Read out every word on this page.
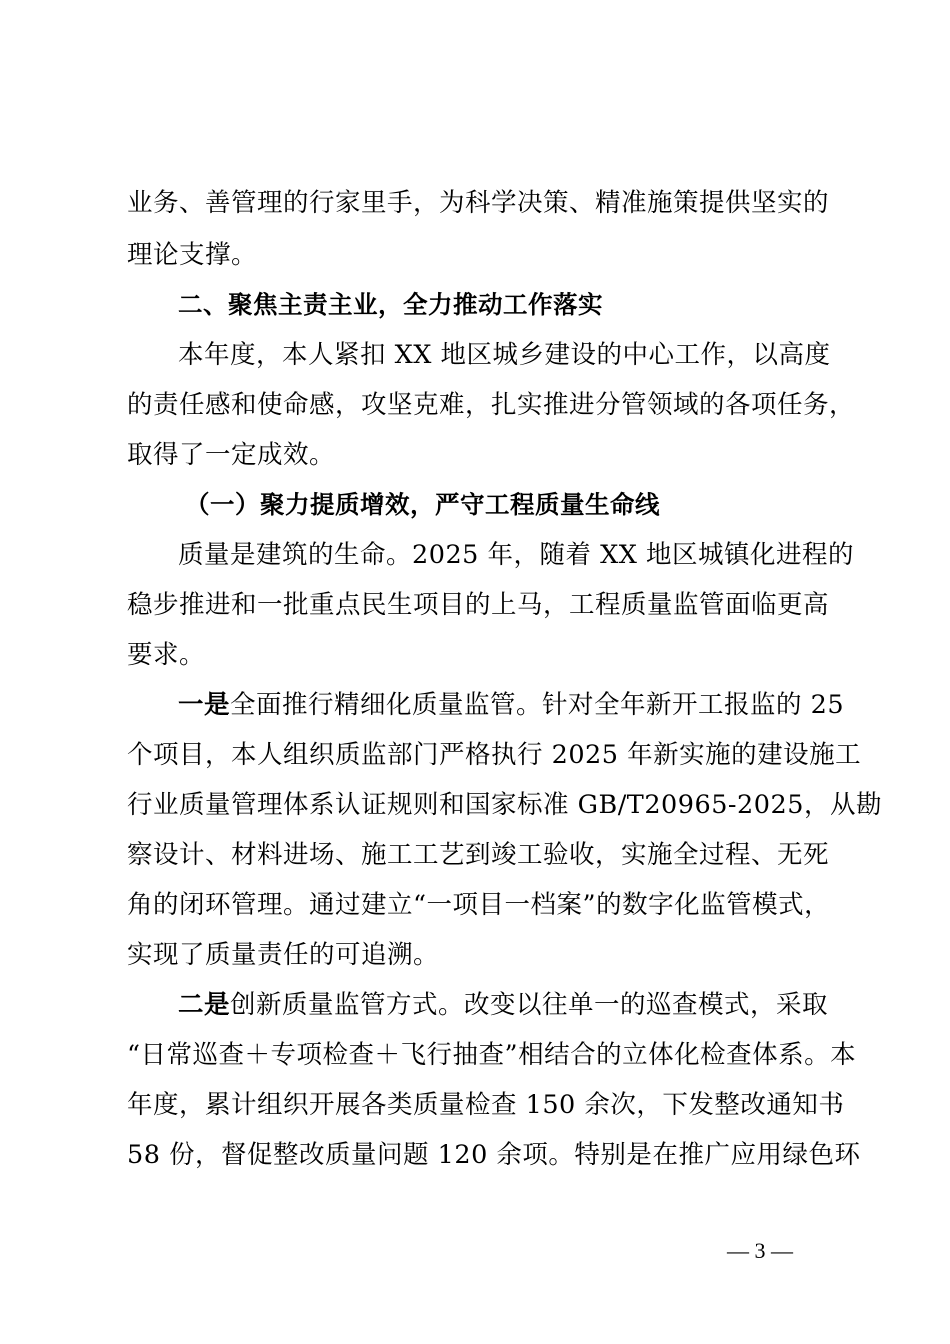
业务、善管理的行家里手，为科学决策、精准施策提供坚实的
理论支撑。
二、聚焦主责主业，全力推动工作落实
本年度，本人紧扣 XX 地区城乡建设的中心工作，以高度
的责任感和使命感，攻坚克难，扎实推进分管领域的各项任务，
取得了一定成效。
（一）聚力提质增效，严守工程质量生命线
质量是建筑的生命。2025 年，随着 XX 地区城镇化进程的
稳步推进和一批重点民生项目的上马，工程质量监管面临更高
要求。
一是全面推行精细化质量监管。针对全年新开工报监的 25
个项目，本人组织质监部门严格执行 2025 年新实施的建设施工
行业质量管理体系认证规则和国家标准 GB/T20965-2025，从勘
察设计、材料进场、施工工艺到竣工验收，实施全过程、无死
角的闭环管理。通过建立“一项目一档案”的数字化监管模式，
实现了质量责任的可追溯。
二是创新质量监管方式。改变以往单一的巡查模式，采取
“日常巡查＋专项检查＋飞行抽查”相结合的立体化检查体系。本
年度，累计组织开展各类质量检查 150 余次，下发整改通知书
58 份，督促整改质量问题 120 余项。特别是在推广应用绿色环
— 3 —
